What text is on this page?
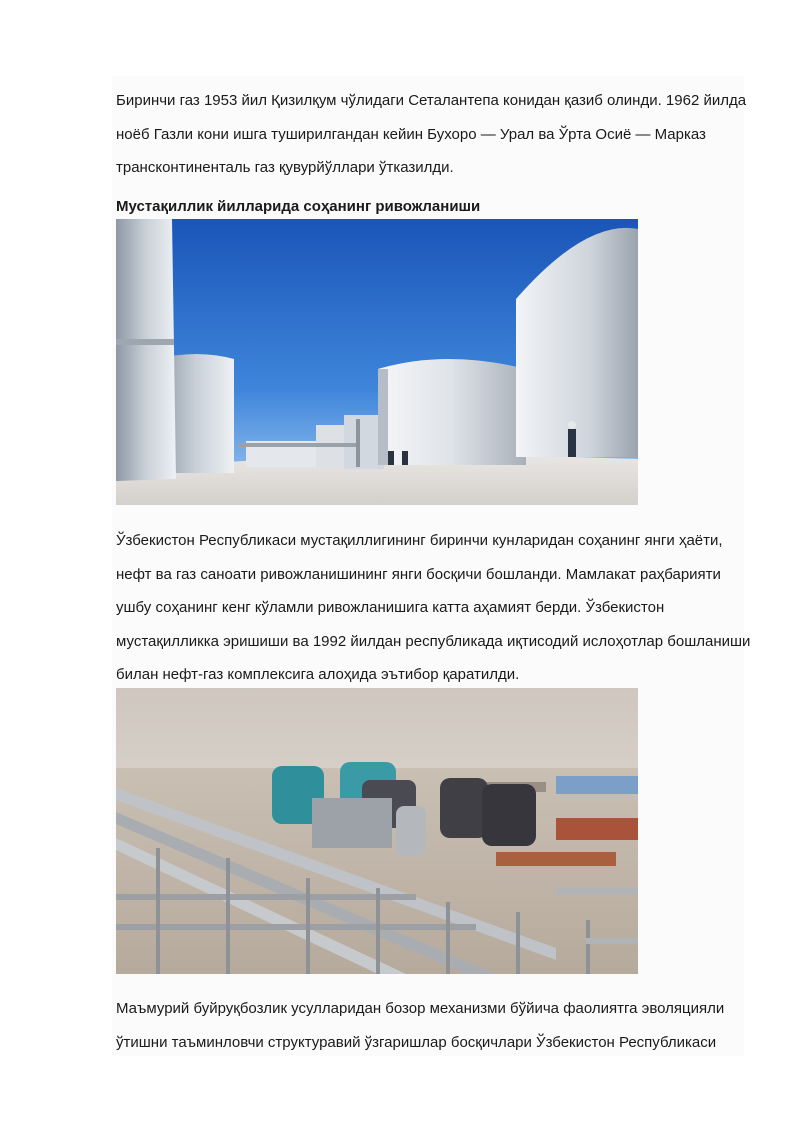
Биринчи газ 1953 йил Қизилқум чўлидаги Сеталантепа конидан қазиб олинди. 1962 йилда
ноёб Газли кони ишга туширилгандан кейин Бухоро — Урал ва Ўрта Осиё — Марказ
трансконтиненталь газ қувурйўллари ўтказилди.
Мустақиллик йилларида соҳанинг ривожланиши
Ўзбекистон Республикаси мустақиллигининг биринчи кунларидан соҳанинг янги ҳаёти,
нефт ва газ саноати ривожланишининг янги босқичи бошланди. Мамлакат раҳбарияти
ушбу соҳанинг кенг кўламли ривожланишига катта аҳамият берди. Ўзбекистон
мустақилликка эришиши ва 1992 йилдан республикада иқтисодий ислоҳотлар бошланиши
билан нефт-газ комплексига алоҳида эътибор қаратилди.
Маъмурий буйруқбозлик усулларидан бозор механизми бўйича фаолиятга эволяцияли
ўтишни таъминловчи структуравий ўзгаришлар босқичлари Ўзбекистон Республикаси
